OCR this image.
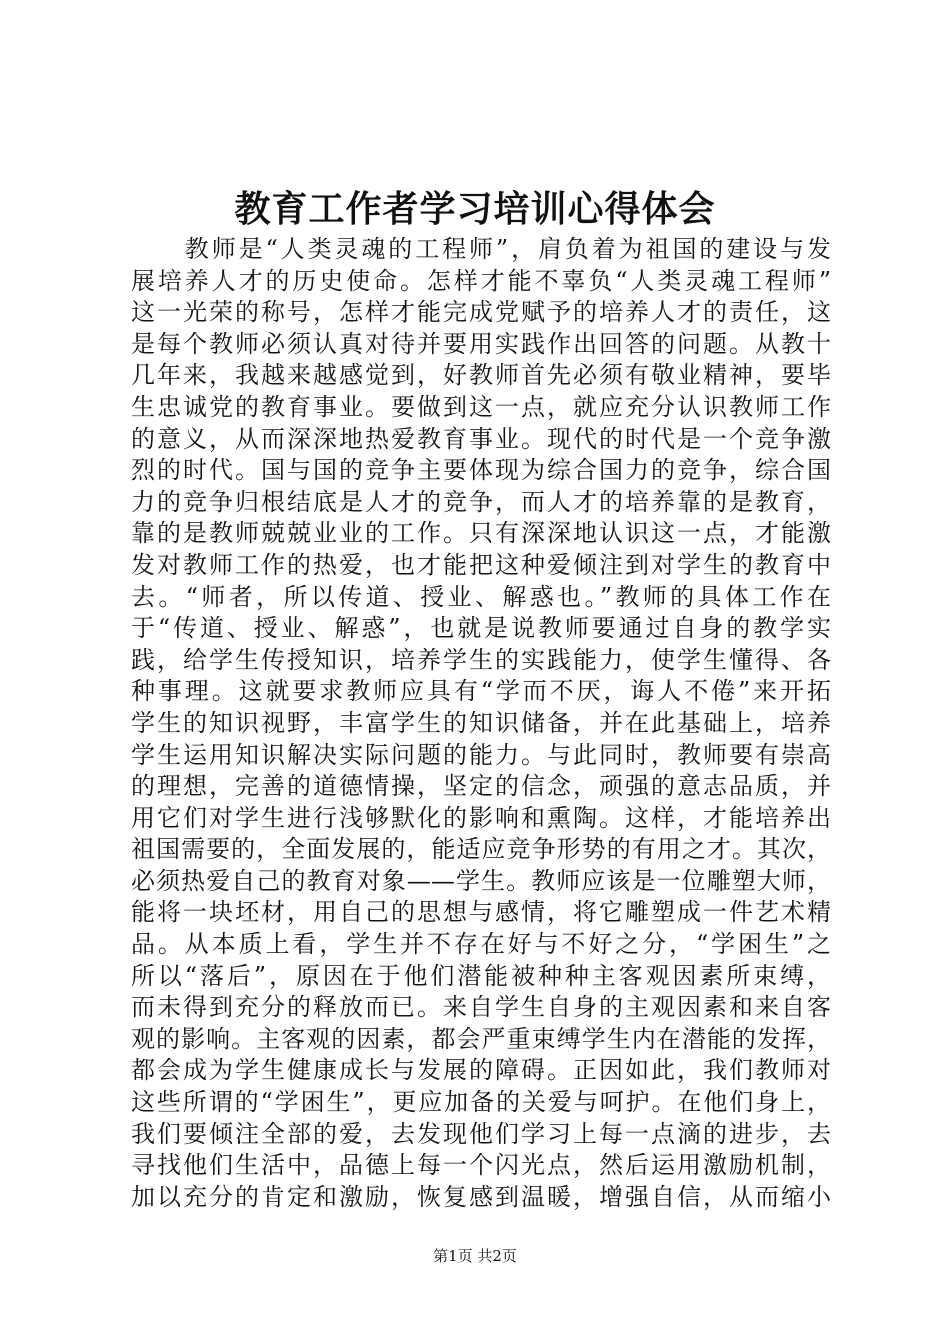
教育工作者学习培训心得体会
　　教师是“人类灵魂的工程师”，肩负着为祖国的建设与发
展培养人才的历史使命。怎样才能不辜负“人类灵魂工程师”
这一光荣的称号，怎样才能完成党赋予的培养人才的责任，这
是每个教师必须认真对待并要用实践作出回答的问题。从教十
几年来，我越来越感觉到，好教师首先必须有敬业精神，要毕
生忠诚党的教育事业。要做到这一点，就应充分认识教师工作
的意义，从而深深地热爱教育事业。现代的时代是一个竞争激
烈的时代。国与国的竞争主要体现为综合国力的竞争，综合国
力的竞争归根结底是人才的竞争，而人才的培养靠的是教育，
靠的是教师兢兢业业的工作。只有深深地认识这一点，才能激
发对教师工作的热爱，也才能把这种爱倾注到对学生的教育中
去。“师者，所以传道、授业、解惑也。”教师的具体工作在
于“传道、授业、解惑”，也就是说教师要通过自身的教学实
践，给学生传授知识，培养学生的实践能力，使学生懂得、各
种事理。这就要求教师应具有“学而不厌，诲人不倦”来开拓
学生的知识视野，丰富学生的知识储备，并在此基础上，培养
学生运用知识解决实际问题的能力。与此同时，教师要有崇高
的理想，完善的道德情操，坚定的信念，顽强的意志品质，并
用它们对学生进行浅够默化的影响和熏陶。这样，才能培养出
祖国需要的，全面发展的，能适应竞争形势的有用之才。其次，
必须热爱自己的教育对象——学生。教师应该是一位雕塑大师，
能将一块坯材，用自己的思想与感情，将它雕塑成一件艺术精
品。从本质上看，学生并不存在好与不好之分，“学困生”之
所以“落后”，原因在于他们潜能被种种主客观因素所束缚，
而未得到充分的释放而已。来自学生自身的主观因素和来自客
观的影响。主客观的因素，都会严重束缚学生内在潜能的发挥，
都会成为学生健康成长与发展的障碍。正因如此，我们教师对
这些所谓的“学困生”，更应加备的关爱与呵护。在他们身上，
我们要倾注全部的爱，去发现他们学习上每一点滴的进步，去
寻找他们生活中，品德上每一个闪光点，然后运用激励机制，
加以充分的肯定和激励，恢复感到温暖，增强自信，从而缩小
第1页 共2页
